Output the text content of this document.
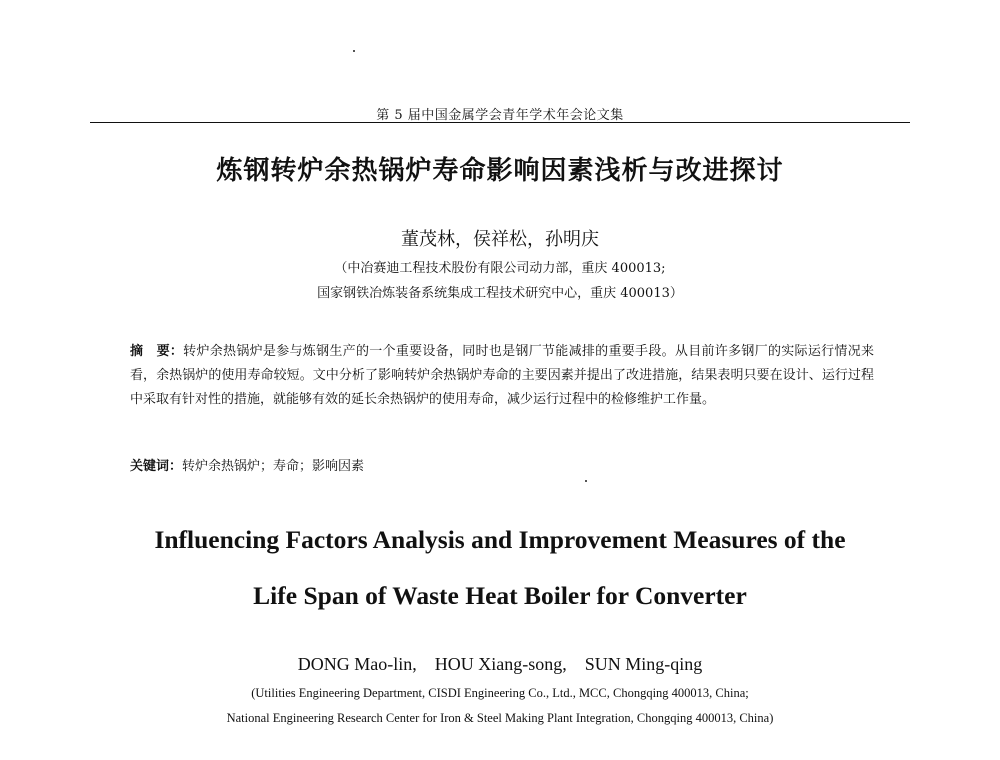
第 5 届中国金属学会青年学术年会论文集
炼钢转炉余热锅炉寿命影响因素浅析与改进探讨
董茂林，侯祥松，孙明庆
（中冶赛迪工程技术股份有限公司动力部，重庆 400013;
国家钢铁冶炼装备系统集成工程技术研究中心，重庆 400013）
摘　要：转炉余热锅炉是参与炼钢生产的一个重要设备，同时也是钢厂节能减排的重要手段。从目前许多钢厂的实际运行情况来看，余热锅炉的使用寿命较短。文中分析了影响转炉余热锅炉寿命的主要因素并提出了改进措施，结果表明只要在设计、运行过程中采取有针对性的措施，就能够有效的延长余热锅炉的使用寿命，减少运行过程中的检修维护工作量。
关键词：转炉余热锅炉；寿命；影响因素
Influencing Factors Analysis and Improvement Measures of the
Life Span of Waste Heat Boiler for Converter
DONG Mao-lin,　HOU Xiang-song,　SUN Ming-qing
(Utilities Engineering Department, CISDI Engineering Co., Ltd., MCC, Chongqing 400013, China;
National Engineering Research Center for Iron & Steel Making Plant Integration, Chongqing 400013, China)
